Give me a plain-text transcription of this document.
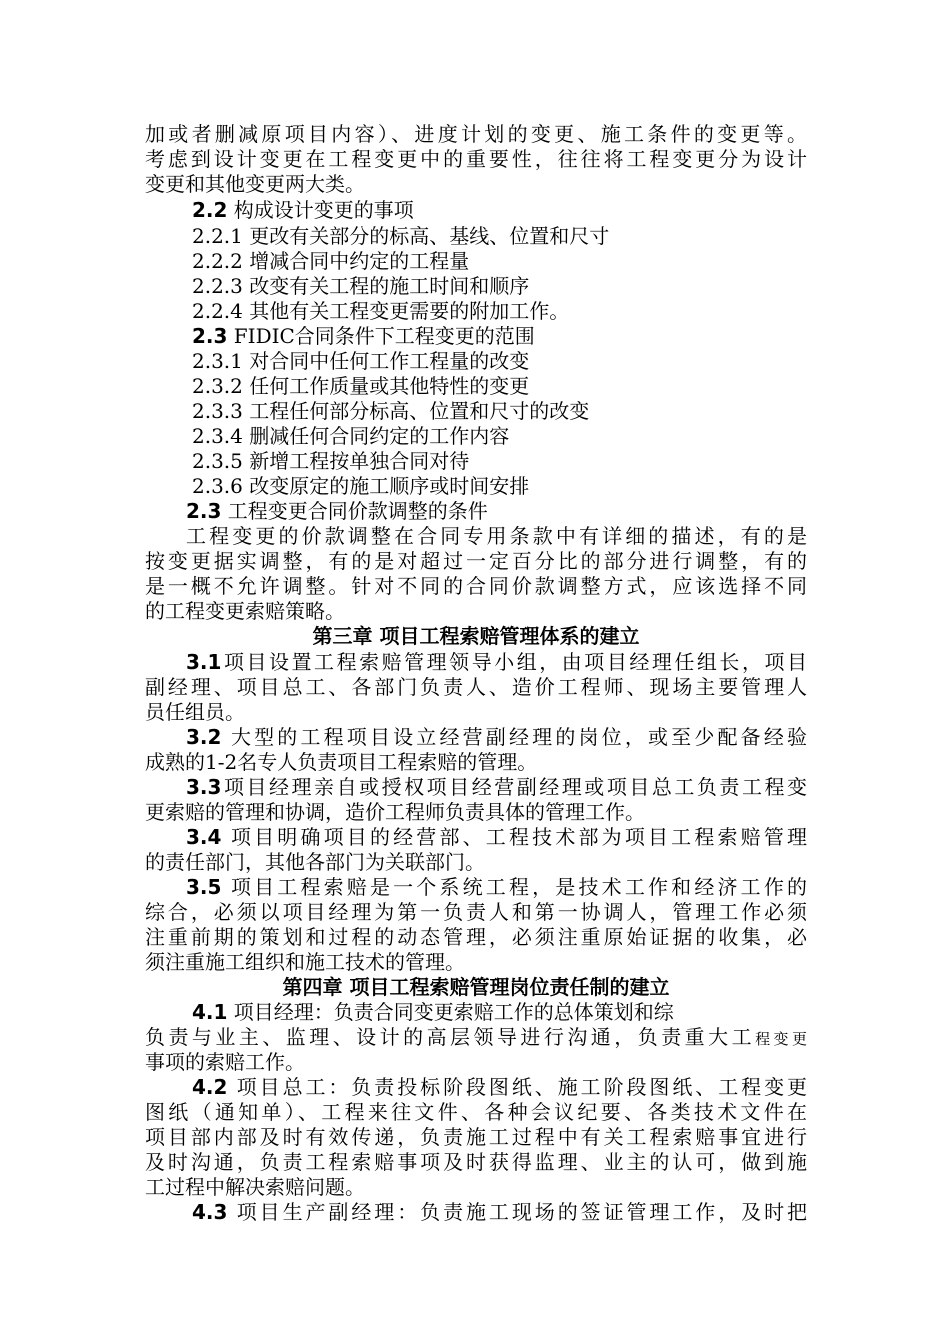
加或者删减原项目内容）、进度计划的变更、施工条件的变更等。
考虑到设计变更在工程变更中的重要性，往往将工程变更分为设计
变更和其他变更两大类。
2.2 构成设计变更的事项
2.2.1 更改有关部分的标高、基线、位置和尺寸
2.2.2 增减合同中约定的工程量
2.2.3 改变有关工程的施工时间和顺序
2.2.4 其他有关工程变更需要的附加工作。
2.3 FIDIC合同条件下工程变更的范围
2.3.1 对合同中任何工作工程量的改变
2.3.2 任何工作质量或其他特性的变更
2.3.3 工程任何部分标高、位置和尺寸的改变
2.3.4 删减任何合同约定的工作内容
2.3.5 新增工程按单独合同对待
2.3.6 改变原定的施工顺序或时间安排
2.3 工程变更合同价款调整的条件
工程变更的价款调整在合同专用条款中有详细的描述，有的是
按变更据实调整，有的是对超过一定百分比的部分进行调整，有的
是一概不允许调整。针对不同的合同价款调整方式，应该选择不同
的工程变更索赔策略。
第三章 项目工程索赔管理体系的建立
3.1项目设置工程索赔管理领导小组，由项目经理任组长，项目
副经理、项目总工、各部门负责人、造价工程师、现场主要管理人
员任组员。
3.2 大型的工程项目设立经营副经理的岗位，或至少配备经验
成熟的1-2名专人负责项目工程索赔的管理。
3.3项目经理亲自或授权项目经营副经理或项目总工负责工程变
更索赔的管理和协调，造价工程师负责具体的管理工作。
3.4 项目明确项目的经营部、工程技术部为项目工程索赔管理
的责任部门，其他各部门为关联部门。
3.5 项目工程索赔是一个系统工程，是技术工作和经济工作的
综合，必须以项目经理为第一负责人和第一协调人，管理工作必须
注重前期的策划和过程的动态管理，必须注重原始证据的收集，必
须注重施工组织和施工技术的管理。
第四章 项目工程索赔管理岗位责任制的建立
4.1 项目经理：负责合同变更索赔工作的总体策划和综
负责与业主、监理、设计的高层领导进行沟通，负责重大工程变更
事项的索赔工作。
4.2 项目总工：负责投标阶段图纸、施工阶段图纸、工程变更
图纸（通知单）、工程来往文件、各种会议纪要、各类技术文件在
项目部内部及时有效传递，负责施工过程中有关工程索赔事宜进行
及时沟通，负责工程索赔事项及时获得监理、业主的认可，做到施
工过程中解决索赔问题。
4.3 项目生产副经理：负责施工现场的签证管理工作，及时把
